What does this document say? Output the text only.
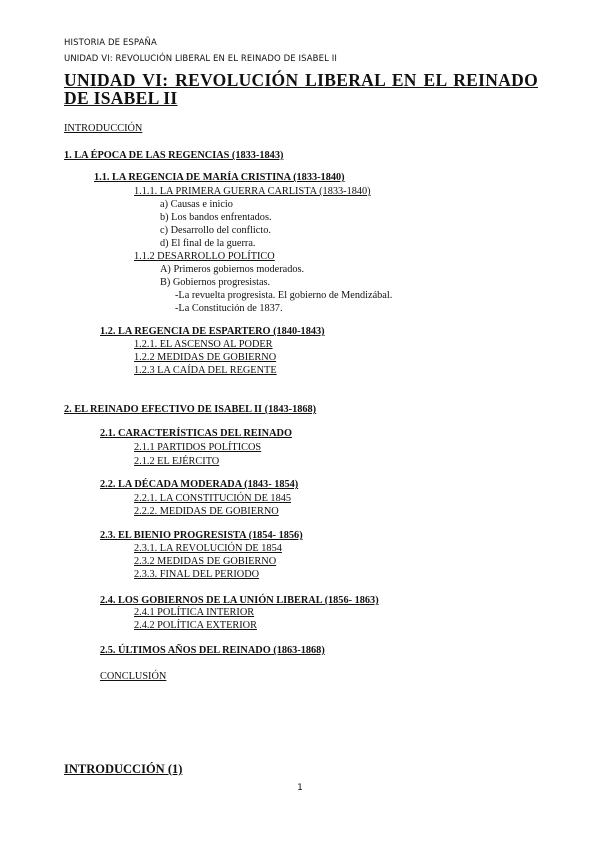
HISTORIA DE ESPAÑA
UNIDAD VI: REVOLUCIÓN LIBERAL EN EL REINADO DE ISABEL II
UNIDAD VI: REVOLUCIÓN LIBERAL EN EL REINADO DE ISABEL II
INTRODUCCIÓN
1. LA ÉPOCA DE LAS REGENCIAS (1833-1843)
1.1. LA REGENCIA DE MARÍA CRISTINA (1833-1840)
1.1.1. LA PRIMERA GUERRA CARLISTA (1833-1840)
a) Causas e inicio
b) Los bandos enfrentados.
c) Desarrollo del conflicto.
d) El final de la guerra.
1.1.2 DESARROLLO POLÍTICO
A) Primeros gobiernos moderados.
B) Gobiernos progresistas.
-La revuelta progresista. El gobierno de Mendizábal.
-La Constitución de 1837.
1.2. LA REGENCIA DE ESPARTERO (1840-1843)
1.2.1. EL ASCENSO AL PODER
1.2.2 MEDIDAS DE GOBIERNO
1.2.3 LA CAÍDA DEL REGENTE
2. EL REINADO EFECTIVO DE ISABEL II (1843-1868)
2.1. CARACTERÍSTICAS DEL REINADO
2.1.1 PARTIDOS POLÍTICOS
2.1.2 EL EJÉRCITO
2.2. LA DÉCADA MODERADA (1843- 1854)
2.2.1. LA CONSTITUCIÓN DE 1845
2.2.2. MEDIDAS DE GOBIERNO
2.3. EL BIENIO PROGRESISTA (1854- 1856)
2.3.1. LA REVOLUCIÓN DE 1854
2.3.2 MEDIDAS DE GOBIERNO
2.3.3. FINAL DEL PERIODO
2.4. LOS GOBIERNOS DE LA UNIÓN LIBERAL (1856- 1863)
2.4.1 POLÍTICA INTERIOR
2.4.2 POLÍTICA EXTERIOR
2.5. ÚLTIMOS AÑOS DEL REINADO (1863-1868)
CONCLUSIÓN
INTRODUCCIÓN (1)
1
